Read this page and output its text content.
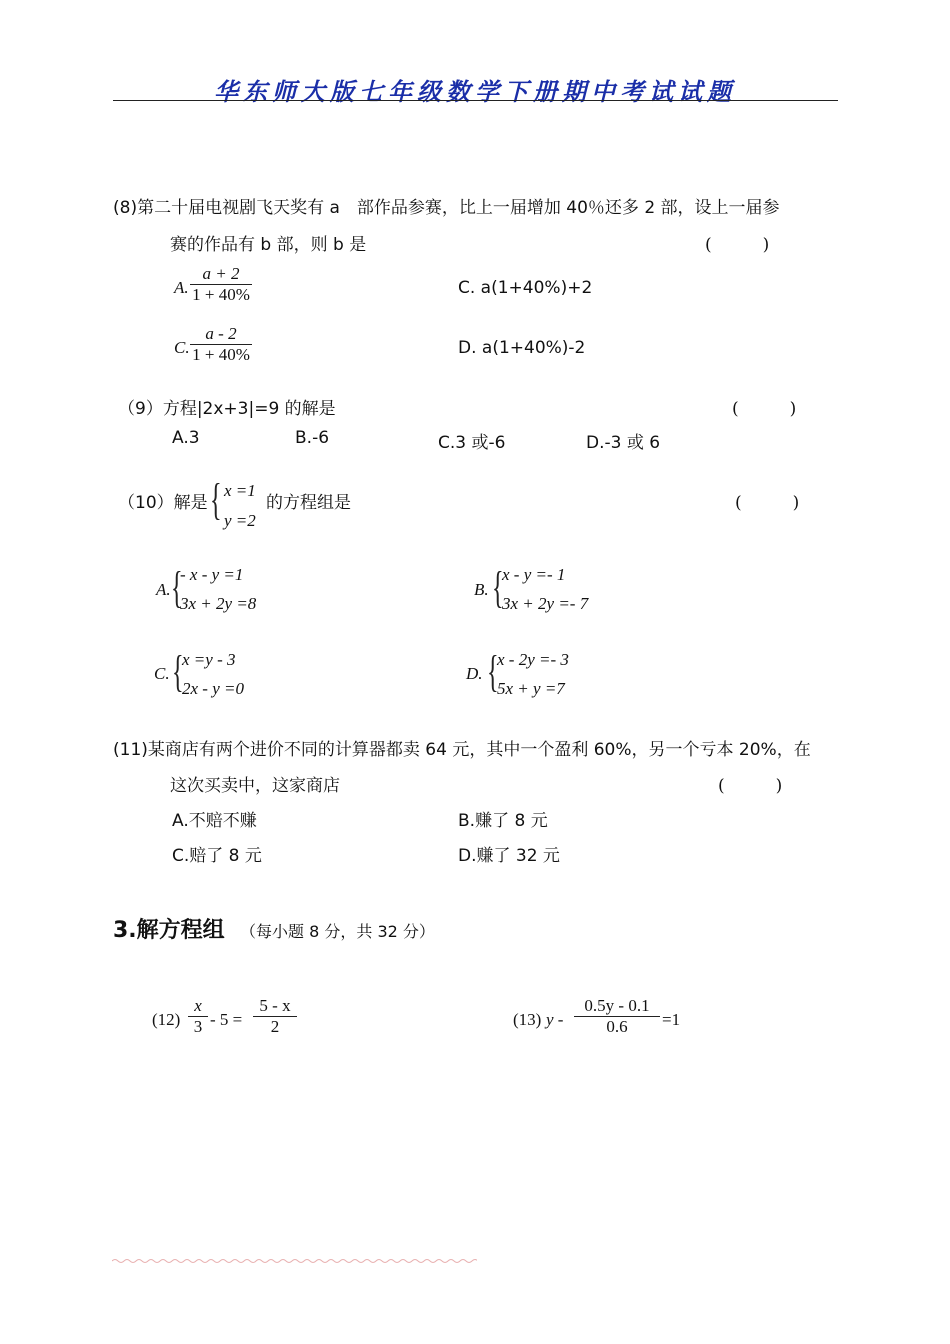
华东师大版七年级数学下册期中考试试题
(8)第二十届电视剧飞天奖有 a　部作品参赛，比上一届增加 40％还多 2 部，设上一届参
赛的作品有 b 部，则 b 是	(　　　)
A.
a + 2
1 + 40%	C. a(1+40%)+2
C.
a - 2
1 + 40%	D. a(1+40%)-2
（9）方程|2x+3|=9 的解是	(　　　)
A.3	B.-6	C.3 或-6	D.-3 或 6
（10）解是 { x =1
y =2
的方程组是	(　　　)
A. {
- x - y =1
3x + 2y =8
B. {
x - y =- 1
3x + 2y =- 7
C. {
x =y - 3
2x - y =0
D. {
x - 2y =- 3
5x + y =7
(11)某商店有两个进价不同的计算器都卖 64 元，其中一个盈利 60%，另一个亏本 20%，在
这次买卖中，这家商店	(　　　)
A.不赔不赚	B.赚了 8 元
C.赔了 8 元	D.赚了 32 元
3.解方程组 （每小题 8 分，共 32 分）
(12)
x
3 - 5 =
5 - x
2	(13) y -
0.5y - 0.1
0.6	=1
